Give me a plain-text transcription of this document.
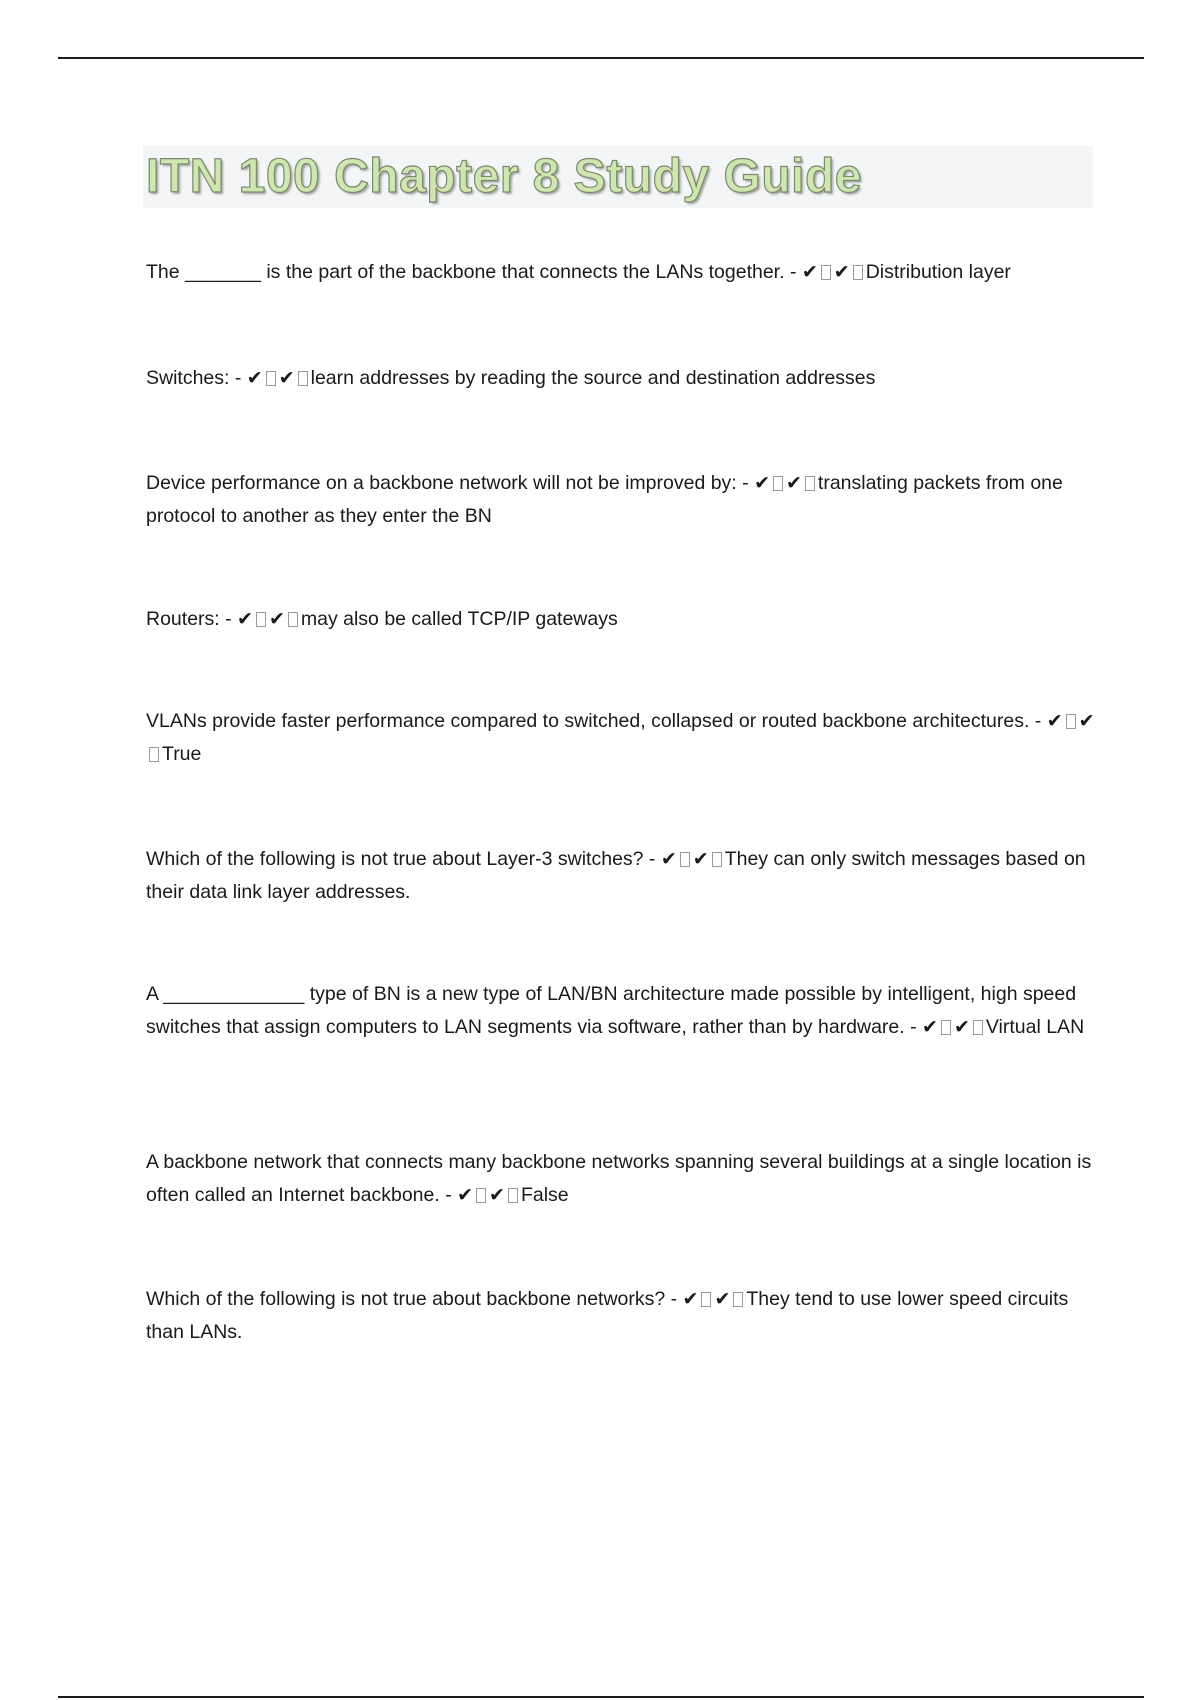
ITN 100 Chapter 8 Study Guide
The _______ is the part of the backbone that connects the LANs together. - ✔ ✔ Distribution layer
Switches: - ✔ ✔ learn addresses by reading the source and destination addresses
Device performance on a backbone network will not be improved by: - ✔ ✔ translating packets from one protocol to another as they enter the BN
Routers: - ✔ ✔ may also be called TCP/IP gateways
VLANs provide faster performance compared to switched, collapsed or routed backbone architectures. - ✔ ✔True
Which of the following is not true about Layer-3 switches? - ✔ ✔ They can only switch messages based on their data link layer addresses.
A _____________ type of BN is a new type of LAN/BN architecture made possible by intelligent, high speed switches that assign computers to LAN segments via software, rather than by hardware. - ✔ ✔ Virtual LAN
A backbone network that connects many backbone networks spanning several buildings at a single location is often called an Internet backbone. - ✔ ✔ False
Which of the following is not true about backbone networks? - ✔ ✔ They tend to use lower speed circuits than LANs.
